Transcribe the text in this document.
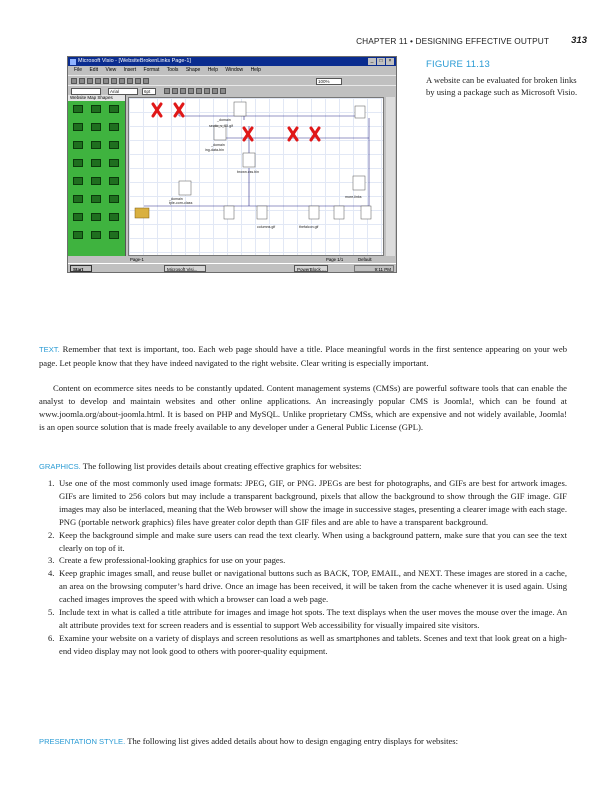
CHAPTER 11 • DESIGNING EFFECTIVE OUTPUT 313
Microsoft Visio - [WebsiteBrokenLinks Page-1]	_	□	×
File Edit View Insert Format Tools Shape Help Window Help
100%
Arial	6pt
Website Map Shapes
_domain
sectio_v_05.gif
_domain
ing-data-bin
columns.gif	thefalcon.gif
more-links
brown.css.bin
_domain
tple-corn-class
Page-1	Page 1/1	Default
Start	Microsoft Visi...	PowerBlock ...	9:11 PM
FIGURE 11.13
A website can be evaluated for broken links by using a package such as Microsoft Visio.

TEXT. Remember that text is important, too. Each web page should have a title. Place meaningful words in the first sentence appearing on your web page. Let people know that they have indeed navigated to the right website. Clear writing is especially important.

Content on ecommerce sites needs to be constantly updated. Content management systems (CMSs) are powerful software tools that can enable the analyst to develop and maintain websites and other online applications. An increasingly popular CMS is Joomla!, which can be found at www.joomla.org/about-joomla.html. It is based on PHP and MySQL. Unlike proprietary CMSs, which are expensive and not widely available, Joomla! is an open source solution that is made freely available to any developer under a General Public License (GPL).

GRAPHICS. The following list provides details about creating effective graphics for websites:

1. Use one of the most commonly used image formats: JPEG, GIF, or PNG. JPEGs are best for photographs, and GIFs are best for artwork images. GIFs are limited to 256 colors but may include a transparent background, pixels that allow the background to show through the GIF image. GIF images may also be interlaced, meaning that the Web browser will show the image in successive stages, presenting a clearer image with each stage. PNG (portable network graphics) files have greater color depth than GIF files and are able to have a transparent background.
2. Keep the background simple and make sure users can read the text clearly. When using a background pattern, make sure that you can see the text clearly on top of it.
3. Create a few professional-looking graphics for use on your pages.
4. Keep graphic images small, and reuse bullet or navigational buttons such as BACK, TOP, EMAIL, and NEXT. These images are stored in a cache, an area on the browsing computer’s hard drive. Once an image has been received, it will be taken from the cache whenever it is used again. Using cached images improves the speed with which a browser can load a web page.
5. Include text in what is called a title attribute for images and image hot spots. The text displays when the user moves the mouse over the image. An alt attribute provides text for screen readers and is essential to support Web accessibility for visually impaired site visitors.
6. Examine your website on a variety of displays and screen resolutions as well as smartphones and tablets. Scenes and text that look great on a high-end video display may not look good to others with poorer-quality equipment.

PRESENTATION STYLE. The following list gives added details about how to design engaging entry displays for websites:
